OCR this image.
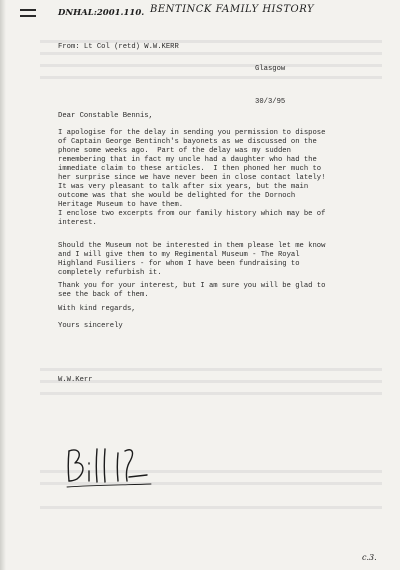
DNHAL:2001.110. BENTINCK FAMILY HISTORY
From: Lt Col (retd) W.W.KERR
Glasgow
30/3/95
Dear Constable Bennis,
I apologise for the delay in sending you permission to dispose
of Captain George Bentinch's bayonets as we discussed on the
phone some weeks ago.  Part of the delay was my sudden
remembering that in fact my uncle had a daughter who had the
immediate claim to these articles.  I then phoned her much to
her surprise since we have never been in close contact lately!
It was very pleasant to talk after six years, but the main
outcome was that she would be delighted for the Dornoch
Heritage Museum to have them.
I enclose two excerpts from our family history which may be of
interest.
Should the Museum not be interested in them please let me know
and I will give them to my Regimental Museum - The Royal
Highland Fusiliers - for whom I have been fundraising to
completely refurbish it.
Thank you for your interest, but I am sure you will be glad to
see the back of them.
With kind regards,
Yours sincerely
W.W.Kerr
c.3.
